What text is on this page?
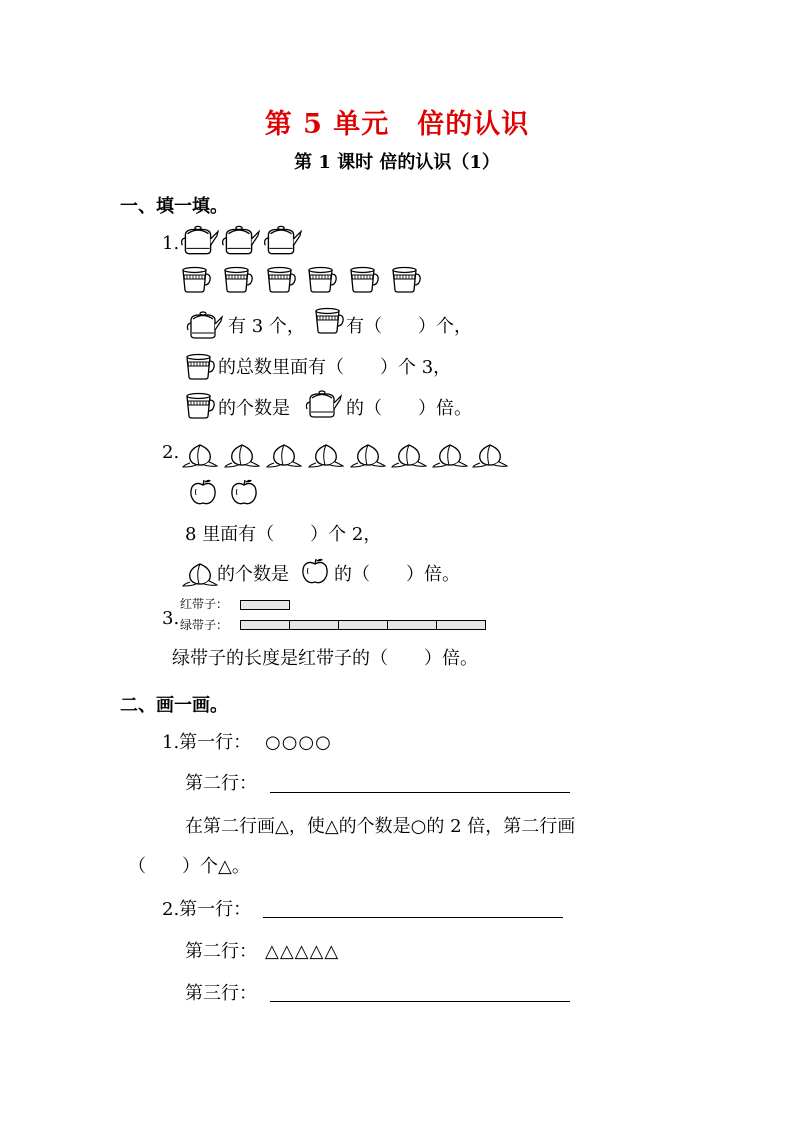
第 5 单元　倍的认识
第 1 课时 倍的认识（1）
一、填一填。
1.
有 3 个， 有（　　）个，
的总数里面有（　　）个 3，
的个数是	的（　　）倍。
2.
8 里面有（　　）个 2，
的个数是	的（　　）倍。
3.
红带子：
绿带子：
绿带子的长度是红带子的（　　）倍。
二、画一画。
1.第一行： ○○○○
第二行：
在第二行画△，使△的个数是○的 2 倍，第二行画
（　　）个△。
2.第一行：
第二行： △△△△△
第三行：
